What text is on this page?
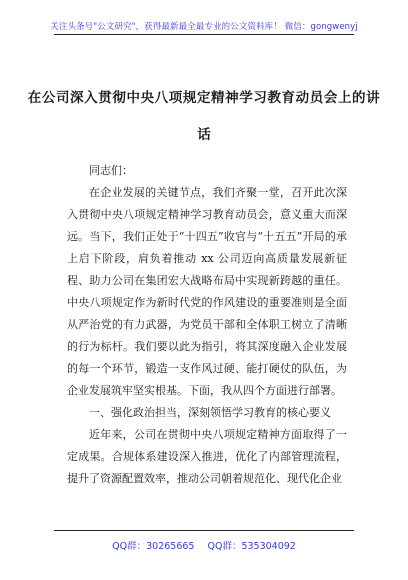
关注头条号"公文研究"，获得最新最全最专业的公文资料库！ 微信：gongwenyj
在公司深入贯彻中央八项规定精神学习教育动员会上的讲
话

同志们：

在企业发展的关键节点，我们齐聚一堂，召开此次深入贯彻中央八项规定精神学习教育动员会，意义重大而深远。当下，我们正处于“十四五”收官与“十五五”开局的承上启下阶段，肩负着推动 xx 公司迈向高质量发展新征程、助力公司在集团宏大战略布局中实现新跨越的重任。中央八项规定作为新时代党的作风建设的重要准则是全面从严治党的有力武器，为党员干部和全体职工树立了清晰的行为标杆。我们要以此为指引，将其深度融入企业发展的每一个环节，锻造一支作风过硬、能打硬仗的队伍，为企业发展筑牢坚实根基。下面，我从四个方面进行部署。

一、强化政治担当，深刻领悟学习教育的核心要义

近年来，公司在贯彻中央八项规定精神方面取得了一定成果。合规体系建设深入推进，优化了内部管理流程，提升了资源配置效率，推动公司朝着规范化、现代化企业

QQ群：30265665 QQ群：535304092
